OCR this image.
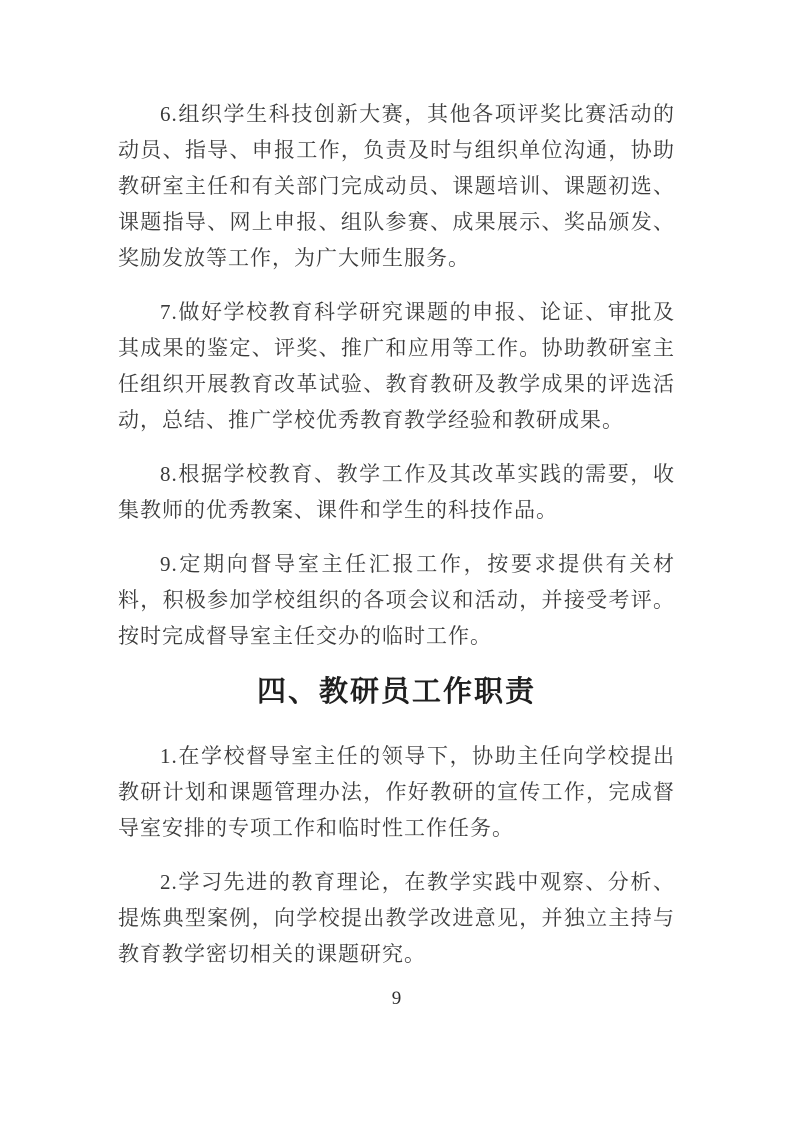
6.组织学生科技创新大赛，其他各项评奖比赛活动的动员、指导、申报工作，负责及时与组织单位沟通，协助教研室主任和有关部门完成动员、课题培训、课题初选、课题指导、网上申报、组队参赛、成果展示、奖品颁发、奖励发放等工作，为广大师生服务。

7.做好学校教育科学研究课题的申报、论证、审批及其成果的鉴定、评奖、推广和应用等工作。协助教研室主任组织开展教育改革试验、教育教研及教学成果的评选活动，总结、推广学校优秀教育教学经验和教研成果。

8.根据学校教育、教学工作及其改革实践的需要，收集教师的优秀教案、课件和学生的科技作品。

9.定期向督导室主任汇报工作，按要求提供有关材料，积极参加学校组织的各项会议和活动，并接受考评。按时完成督导室主任交办的临时工作。

四、教研员工作职责

1.在学校督导室主任的领导下，协助主任向学校提出教研计划和课题管理办法，作好教研的宣传工作，完成督导室安排的专项工作和临时性工作任务。

2.学习先进的教育理论，在教学实践中观察、分析、提炼典型案例，向学校提出教学改进意见，并独立主持与教育教学密切相关的课题研究。

9
